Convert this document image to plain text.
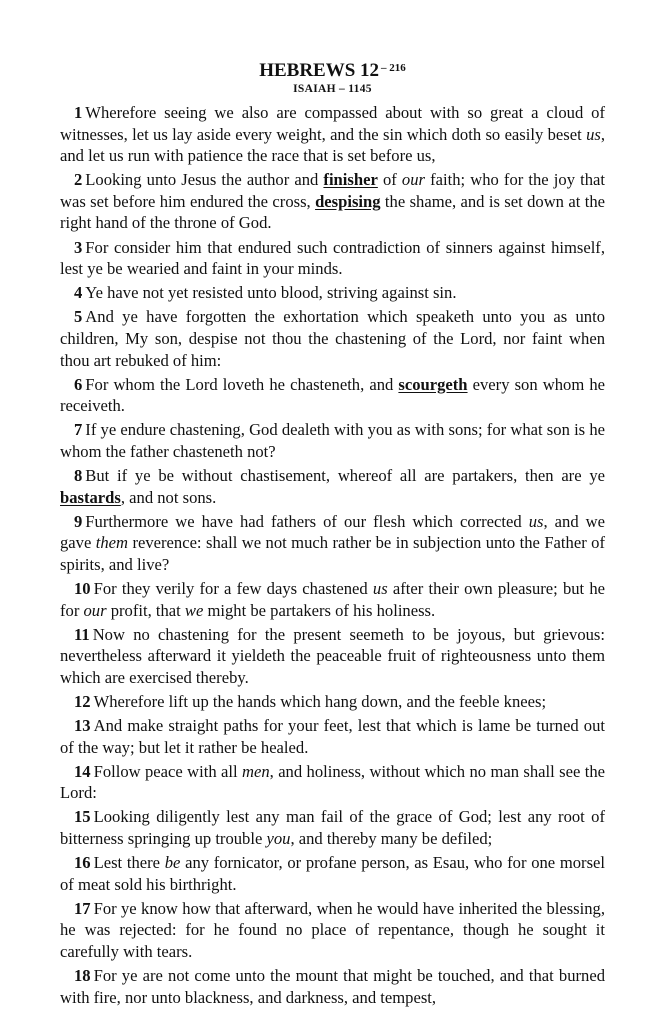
HEBREWS 12 $^{- 216}$
ISAIAH – 1145

1 Wherefore seeing we also are compassed about with so great a cloud of witnesses, let us lay aside every weight, and the sin which doth so easily beset us, and let us run with patience the race that is set before us,

2 Looking unto Jesus the author and finisher of our faith; who for the joy that was set before him endured the cross, despising the shame, and is set down at the right hand of the throne of God.

3 For consider him that endured such contradiction of sinners against himself, lest ye be wearied and faint in your minds.

4 Ye have not yet resisted unto blood, striving against sin.

5 And ye have forgotten the exhortation which speaketh unto you as unto children, My son, despise not thou the chastening of the Lord, nor faint when thou art rebuked of him:

6 For whom the Lord loveth he chasteneth, and scourgeth every son whom he receiveth.

7 If ye endure chastening, God dealeth with you as with sons; for what son is he whom the father chasteneth not?

8 But if ye be without chastisement, whereof all are partakers, then are ye bastards, and not sons.

9 Furthermore we have had fathers of our flesh which corrected us, and we gave them reverence: shall we not much rather be in subjection unto the Father of spirits, and live?

10 For they verily for a few days chastened us after their own pleasure; but he for our profit, that we might be partakers of his holiness.

11 Now no chastening for the present seemeth to be joyous, but grievous: nevertheless afterward it yieldeth the peaceable fruit of righteousness unto them which are exercised thereby.

12 Wherefore lift up the hands which hang down, and the feeble knees;

13 And make straight paths for your feet, lest that which is lame be turned out of the way; but let it rather be healed.

14 Follow peace with all men, and holiness, without which no man shall see the Lord:

15 Looking diligently lest any man fail of the grace of God; lest any root of bitterness springing up trouble you, and thereby many be defiled;

16 Lest there be any fornicator, or profane person, as Esau, who for one morsel of meat sold his birthright.

17 For ye know how that afterward, when he would have inherited the blessing, he was rejected: for he found no place of repentance, though he sought it carefully with tears.

18 For ye are not come unto the mount that might be touched, and that burned with fire, nor unto blackness, and darkness, and tempest,
